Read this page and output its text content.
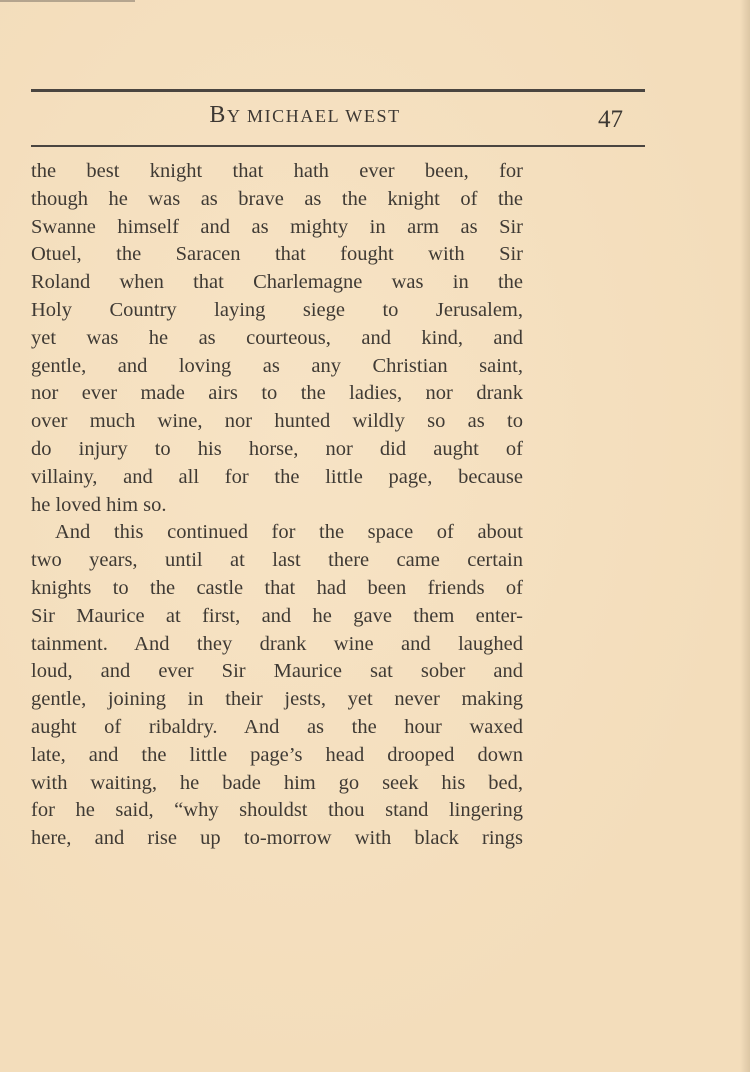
BY MICHAEL WEST	47
the best knight that hath ever been, for
though he was as brave as the knight of the
Swanne himself and as mighty in arm as Sir
Otuel, the Saracen that fought with Sir
Roland when that Charlemagne was in the
Holy Country laying siege to Jerusalem,
yet was he as courteous, and kind, and
gentle, and loving as any Christian saint,
nor ever made airs to the ladies, nor drank
over much wine, nor hunted wildly so as to
do injury to his horse, nor did aught of
villainy, and all for the little page, because
he loved him so.
And this continued for the space of about
two years, until at last there came certain
knights to the castle that had been friends of
Sir Maurice at first, and he gave them enter-
tainment. And they drank wine and laughed
loud, and ever Sir Maurice sat sober and
gentle, joining in their jests, yet never making
aught of ribaldry. And as the hour waxed
late, and the little page’s head drooped down
with waiting, he bade him go seek his bed,
for he said, “why shouldst thou stand lingering
here, and rise up to-morrow with black rings
